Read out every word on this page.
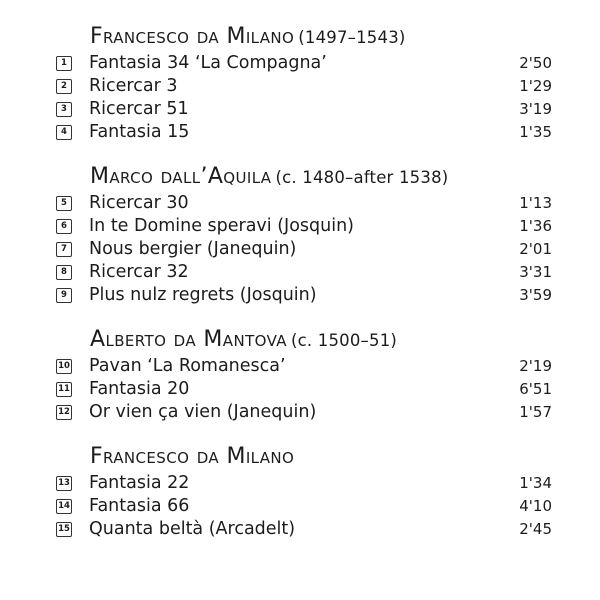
Francesco da Milano (1497–1543)
1 Fantasia 34 ‘La Compagna’	2'50
2 Ricercar 3	1'29
3 Ricercar 51	3'19
4 Fantasia 15	1'35
Marco dall’Aquila (c. 1480–after 1538)
5 Ricercar 30	1'13
6 In te Domine speravi (Josquin)	1'36
7 Nous bergier (Janequin)	2'01
8 Ricercar 32	3'31
9 Plus nulz regrets (Josquin)	3'59
Alberto da Mantova (c. 1500–51)
10 Pavan ‘La Romanesca’	2'19
11 Fantasia 20	6'51
12 Or vien ça vien (Janequin)	1'57
Francesco da Milano
13 Fantasia 22	1'34
14 Fantasia 66	4'10
15 Quanta beltà (Arcadelt)	2'45
